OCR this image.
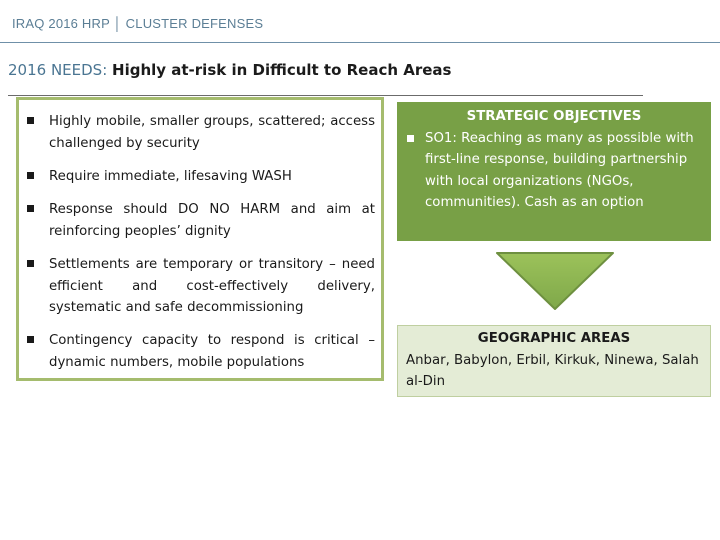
IRAQ 2016 HRP │ CLUSTER DEFENSES
2016 NEEDS: Highly at-risk in Difficult to Reach Areas
Highly mobile, smaller groups, scattered; access challenged by security
Require immediate, lifesaving WASH
Response should DO NO HARM and aim at reinforcing peoples’ dignity
Settlements are temporary or transitory – need efficient and cost-effectively delivery, systematic and safe decommissioning
Contingency capacity to respond is critical – dynamic numbers, mobile populations
STRATEGIC OBJECTIVES
SO1: Reaching as many as possible with first-line response, building partnership with local organizations (NGOs, communities). Cash as an option
GEOGRAPHIC AREAS
Anbar, Babylon, Erbil, Kirkuk, Ninewa, Salah al-Din
